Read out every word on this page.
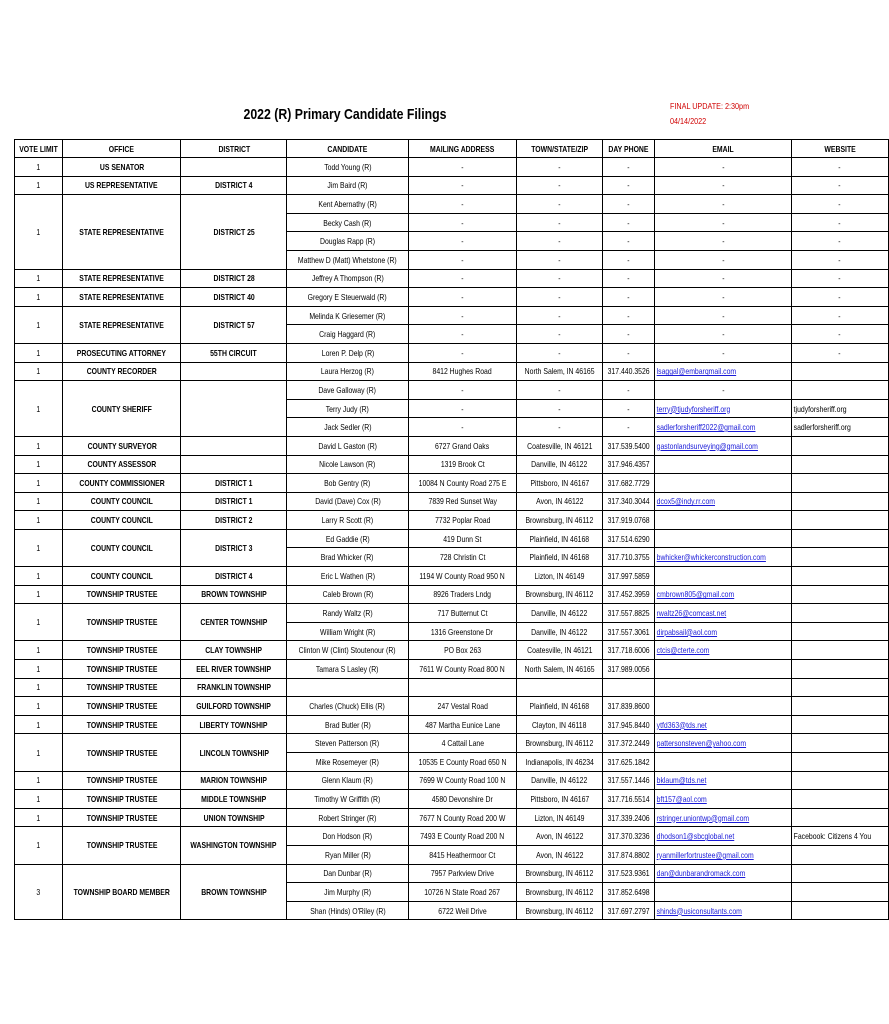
2022 (R) Primary Candidate Filings	FINAL UPDATE: 2:30pm
04/14/2022
VOTE LIMIT	OFFICE	DISTRICT	CANDIDATE	MAILING ADDRESS	TOWN/STATE/ZIP	DAY PHONE	EMAIL	WEBSITE
1	US SENATOR		Todd Young (R)	-	-	-	-	-
1	US REPRESENTATIVE	DISTRICT 4	Jim Baird (R)	-	-	-	-	-
1	STATE REPRESENTATIVE	DISTRICT 25	Kent Abernathy (R)	-	-	-	-	-
			Becky Cash (R)	-	-	-	-	-
			Douglas Rapp (R)	-	-	-	-	-
			Matthew D (Matt) Whetstone (R)	-	-	-	-	-
1	STATE REPRESENTATIVE	DISTRICT 28	Jeffrey A Thompson (R)	-	-	-	-	-
1	STATE REPRESENTATIVE	DISTRICT 40	Gregory E Steuerwald (R)	-	-	-	-	-
1	STATE REPRESENTATIVE	DISTRICT 57	Melinda K Griesemer (R)	-	-	-	-	-
			Craig Haggard (R)	-	-	-	-	-
1	PROSECUTING ATTORNEY	55TH CIRCUIT	Loren P. Delp (R)	-	-	-	-	-
1	COUNTY RECORDER		Laura Herzog (R)	8412 Hughes Road	North Salem, IN 46165	317.440.3526	lsaggal@embarqmail.com	
1	COUNTY SHERIFF		Dave Galloway (R)	-	-	-	-	
			Terry Judy (R)	-	-	-	terry@tjudyforsheriff.org	tjudyforsheriff.org
			Jack Sedler (R)	-	-	-	sadlerforsheriff2022@gmail.com	sadlerforsheriff.org
1	COUNTY SURVEYOR		David L Gaston (R)	6727 Grand Oaks	Coatesville, IN 46121	317.539.5400	gastonlandsurveying@gmail.com	
1	COUNTY ASSESSOR		Nicole Lawson (R)	1319 Brook Ct	Danville, IN 46122	317.946.4357		
1	COUNTY COMMISSIONER	DISTRICT 1	Bob Gentry (R)	10084 N County Road 275 E	Pittsboro, IN 46167	317.682.7729		
1	COUNTY COUNCIL	DISTRICT 1	David (Dave) Cox (R)	7839 Red Sunset Way	Avon, IN 46122	317.340.3044	dcox5@indy.rr.com	
1	COUNTY COUNCIL	DISTRICT 2	Larry R Scott (R)	7732 Poplar Road	Brownsburg, IN 46112	317.919.0768		
1	COUNTY COUNCIL	DISTRICT 3	Ed Gaddie (R)	419 Dunn St	Plainfield, IN 46168	317.514.6290		
			Brad Whicker (R)	728 Christin Ct	Plainfield, IN 46168	317.710.3755	bwhicker@whickerconstruction.com	
1	COUNTY COUNCIL	DISTRICT 4	Eric L Wathen (R)	1194 W County Road 950 N	Lizton, IN 46149	317.997.5859		
1	TOWNSHIP TRUSTEE	BROWN TOWNSHIP	Caleb Brown (R)	8926 Traders Lndg	Brownsburg, IN 46112	317.452.3959	cmbrown805@gmail.com	
1	TOWNSHIP TRUSTEE	CENTER TOWNSHIP	Randy Waltz (R)	717 Butternut Ct	Danville, IN 46122	317.557.8825	rwaltz26@comcast.net	
			William Wright (R)	1316 Greenstone Dr	Danville, IN 46122	317.557.3061	dirpabsail@aol.com	
1	TOWNSHIP TRUSTEE	CLAY TOWNSHIP	Clinton W (Clint) Stoutenour (R)	PO Box 263	Coatesville, IN 46121	317.718.6006	ctcis@cterte.com	
1	TOWNSHIP TRUSTEE	EEL RIVER TOWNSHIP	Tamara S Lasley (R)	7611 W County Road 800 N	North Salem, IN 46165	317.989.0056		
1	TOWNSHIP TRUSTEE	FRANKLIN TOWNSHIP						
1	TOWNSHIP TRUSTEE	GUILFORD TOWNSHIP	Charles (Chuck) Ellis (R)	247 Vestal Road	Plainfield, IN 46168	317.839.8600		
1	TOWNSHIP TRUSTEE	LIBERTY TOWNSHIP	Brad Butler (R)	487 Martha Eunice Lane	Clayton, IN 46118	317.945.8440	ytfd363@tds.net	
1	TOWNSHIP TRUSTEE	LINCOLN TOWNSHIP	Steven Patterson (R)	4 Cattail Lane	Brownsburg, IN 46112	317.372.2449	pattersonsteven@yahoo.com	
			Mike Rosemeyer (R)	10535 E County Road 650 N	Indianapolis, IN 46234	317.625.1842		
1	TOWNSHIP TRUSTEE	MARION TOWNSHIP	Glenn Klaum (R)	7699 W County Road 100 N	Danville, IN 46122	317.557.1446	bklaum@tds.net	
1	TOWNSHIP TRUSTEE	MIDDLE TOWNSHIP	Timothy W Griffith (R)	4580 Devonshire Dr	Pittsboro, IN 46167	317.716.5514	bft157@aol.com	
1	TOWNSHIP TRUSTEE	UNION TOWNSHIP	Robert Stringer (R)	7677 N County Road 200 W	Lizton, IN 46149	317.339.2406	rstringer.uniontwp@gmail.com	
1	TOWNSHIP TRUSTEE	WASHINGTON TOWNSHIP	Don Hodson (R)	7493 E County Road 200 N	Avon, IN 46122	317.370.3236	dhodson1@sbcglobal.net	Facebook: Citizens 4 You
			Ryan Miller (R)	8415 Heathermoor Ct	Avon, IN 46122	317.874.8802	ryanmillerfortrustee@gmail.com	
3	TOWNSHIP BOARD MEMBER	BROWN TOWNSHIP	Dan Dunbar (R)	7957 Parkview Drive	Brownsburg, IN 46112	317.523.9361	dan@dunbarandromack.com	
			Jim Murphy (R)	10726 N State Road 267	Brownsburg, IN 46112	317.852.6498		
			Shan (Hinds) O'Riley (R)	6722 Weil Drive	Brownsburg, IN 46112	317.697.2797	shinds@usiconsultants.com	
